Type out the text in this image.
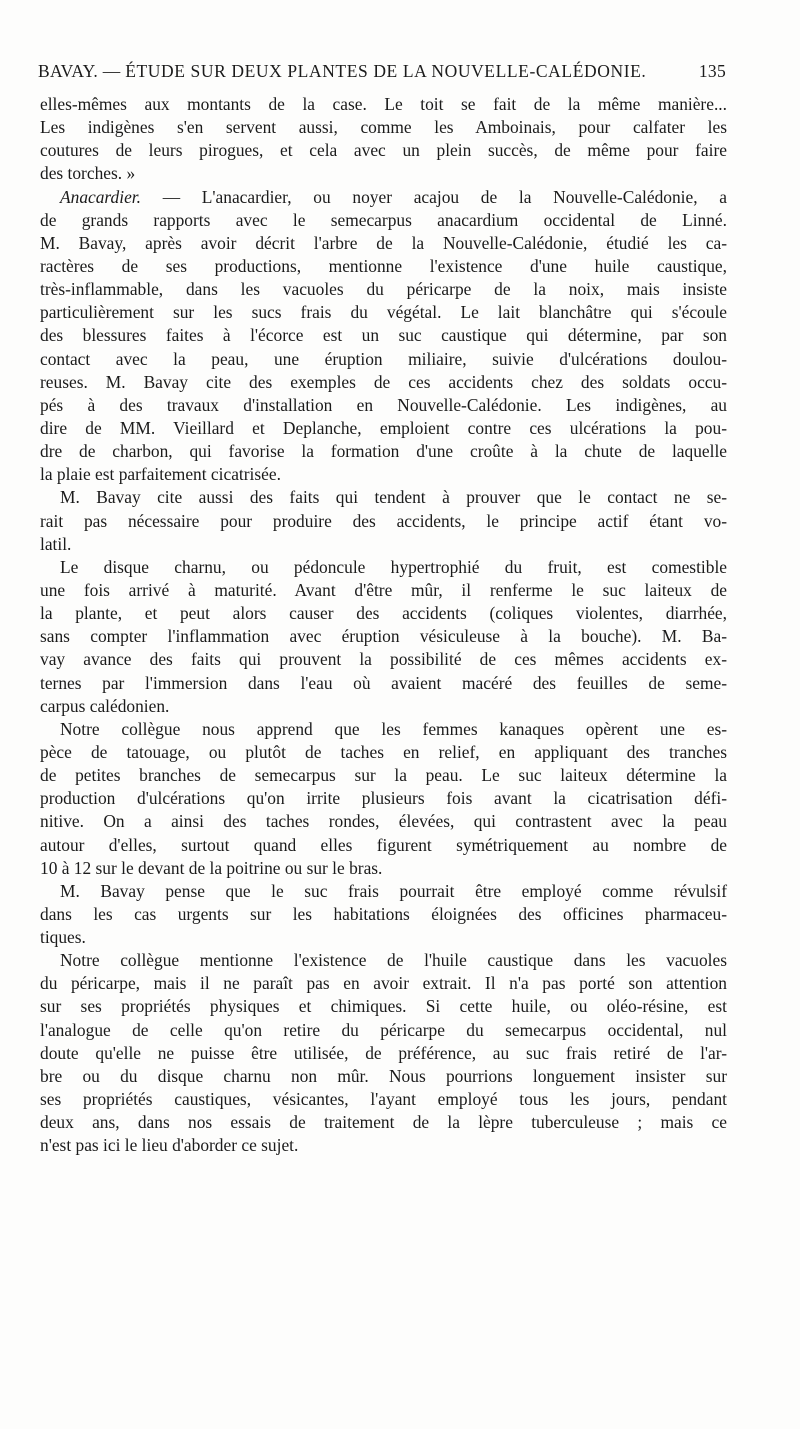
BAVAY. — ÉTUDE SUR DEUX PLANTES DE LA NOUVELLE-CALÉDONIE.	135
elles-mêmes aux montants de la case. Le toit se fait de la même manière...
Les indigènes s'en servent aussi, comme les Amboinais, pour calfater les
coutures de leurs pirogues, et cela avec un plein succès, de même pour faire
des torches. »
Anacardier. — L'anacardier, ou noyer acajou de la Nouvelle-Calédonie, a
de grands rapports avec le semecarpus anacardium occidental de Linné.
M. Bavay, après avoir décrit l'arbre de la Nouvelle-Calédonie, étudié les ca-
ractères de ses productions, mentionne l'existence d'une huile caustique,
très-inflammable, dans les vacuoles du péricarpe de la noix, mais insiste
particulièrement sur les sucs frais du végétal. Le lait blanchâtre qui s'écoule
des blessures faites à l'écorce est un suc caustique qui détermine, par son
contact avec la peau, une éruption miliaire, suivie d'ulcérations doulou-
reuses. M. Bavay cite des exemples de ces accidents chez des soldats occu-
pés à des travaux d'installation en Nouvelle-Calédonie. Les indigènes, au
dire de MM. Vieillard et Deplanche, emploient contre ces ulcérations la pou-
dre de charbon, qui favorise la formation d'une croûte à la chute de laquelle
la plaie est parfaitement cicatrisée.
M. Bavay cite aussi des faits qui tendent à prouver que le contact ne se-
rait pas nécessaire pour produire des accidents, le principe actif étant vo-
latil.
Le disque charnu, ou pédoncule hypertrophié du fruit, est comestible
une fois arrivé à maturité. Avant d'être mûr, il renferme le suc laiteux de
la plante, et peut alors causer des accidents (coliques violentes, diarrhée,
sans compter l'inflammation avec éruption vésiculeuse à la bouche). M. Ba-
vay avance des faits qui prouvent la possibilité de ces mêmes accidents ex-
ternes par l'immersion dans l'eau où avaient macéré des feuilles de seme-
carpus calédonien.
Notre collègue nous apprend que les femmes kanaques opèrent une es-
pèce de tatouage, ou plutôt de taches en relief, en appliquant des tranches
de petites branches de semecarpus sur la peau. Le suc laiteux détermine la
production d'ulcérations qu'on irrite plusieurs fois avant la cicatrisation défi-
nitive. On a ainsi des taches rondes, élevées, qui contrastent avec la peau
autour d'elles, surtout quand elles figurent symétriquement au nombre de
10 à 12 sur le devant de la poitrine ou sur le bras.
M. Bavay pense que le suc frais pourrait être employé comme révulsif
dans les cas urgents sur les habitations éloignées des officines pharmaceu-
tiques.
Notre collègue mentionne l'existence de l'huile caustique dans les vacuoles
du péricarpe, mais il ne paraît pas en avoir extrait. Il n'a pas porté son attention
sur ses propriétés physiques et chimiques. Si cette huile, ou oléo-résine, est
l'analogue de celle qu'on retire du péricarpe du semecarpus occidental, nul
doute qu'elle ne puisse être utilisée, de préférence, au suc frais retiré de l'ar-
bre ou du disque charnu non mûr. Nous pourrions longuement insister sur
ses propriétés caustiques, vésicantes, l'ayant employé tous les jours, pendant
deux ans, dans nos essais de traitement de la lèpre tuberculeuse ; mais ce
n'est pas ici le lieu d'aborder ce sujet.
